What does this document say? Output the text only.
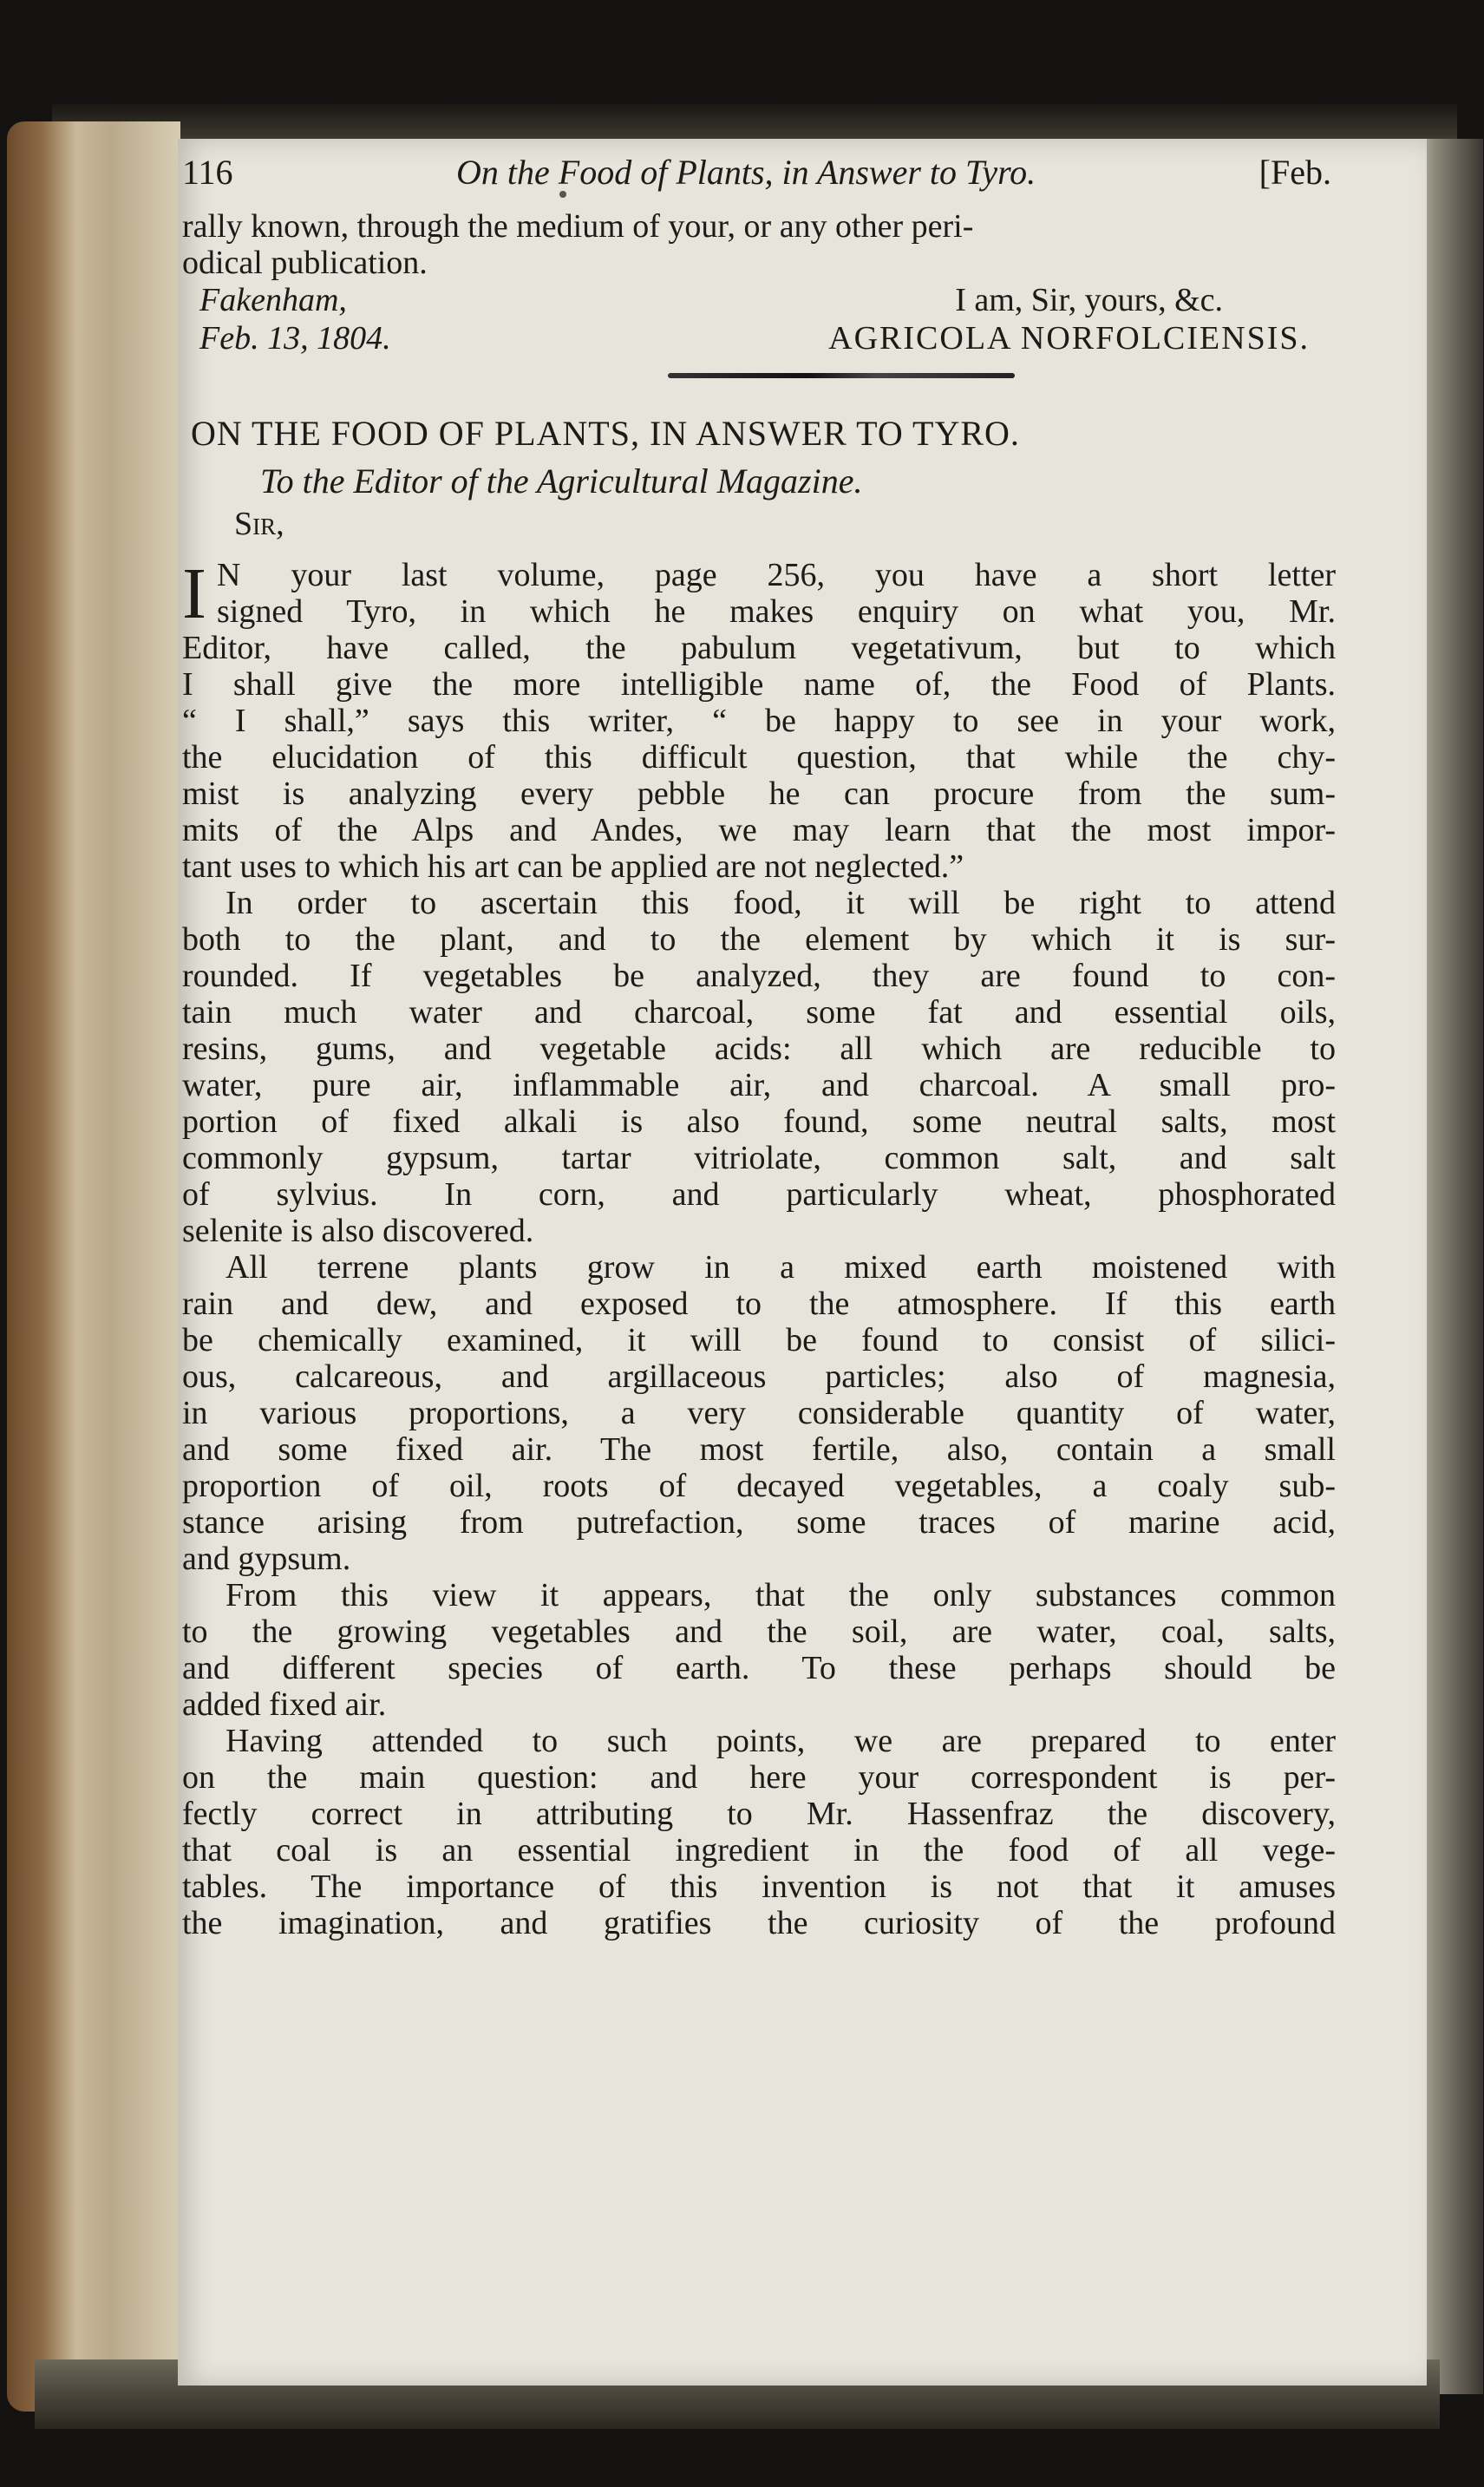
116	On the Food of Plants, in Answer to Tyro.	[Feb.
rally known, through the medium of your, or any other peri-
odical publication.
Fakenham,	I am, Sir, yours, &c.
Feb. 13, 1804.	AGRICOLA NORFOLCIENSIS.
ON THE FOOD OF PLANTS, IN ANSWER TO TYRO.
To the Editor of the Agricultural Magazine.
Sir,

I N your last volume, page 256, you have a short letter

signed Tyro, in which he makes enquiry on what you, Mr.

Editor, have called, the pabulum vegetativum, but to which

I shall give the more intelligible name of, the Food of Plants.

“ I shall,” says this writer, “ be happy to see in your work,

the elucidation of this difficult question, that while the chy-

mist is analyzing every pebble he can procure from the sum-

mits of the Alps and Andes, we may learn that the most impor-

tant uses to which his art can be applied are not neglected.”

In order to ascertain this food, it will be right to attend

both to the plant, and to the element by which it is sur-

rounded. If vegetables be analyzed, they are found to con-

tain much water and charcoal, some fat and essential oils,

resins, gums, and vegetable acids: all which are reducible to

water, pure air, inflammable air, and charcoal. A small pro-

portion of fixed alkali is also found, some neutral salts, most

commonly gypsum, tartar vitriolate, common salt, and salt

of sylvius. In corn, and particularly wheat, phosphorated

selenite is also discovered.

All terrene plants grow in a mixed earth moistened with

rain and dew, and exposed to the atmosphere. If this earth

be chemically examined, it will be found to consist of silici-

ous, calcareous, and argillaceous particles; also of magnesia,

in various proportions, a very considerable quantity of water,

and some fixed air. The most fertile, also, contain a small

proportion of oil, roots of decayed vegetables, a coaly sub-

stance arising from putrefaction, some traces of marine acid,

and gypsum.

From this view it appears, that the only substances common

to the growing vegetables and the soil, are water, coal, salts,

and different species of earth. To these perhaps should be

added fixed air.

Having attended to such points, we are prepared to enter

on the main question: and here your correspondent is per-

fectly correct in attributing to Mr. Hassenfraz the discovery,

that coal is an essential ingredient in the food of all vege-

tables. The importance of this invention is not that it amuses

the imagination, and gratifies the curiosity of the profound
